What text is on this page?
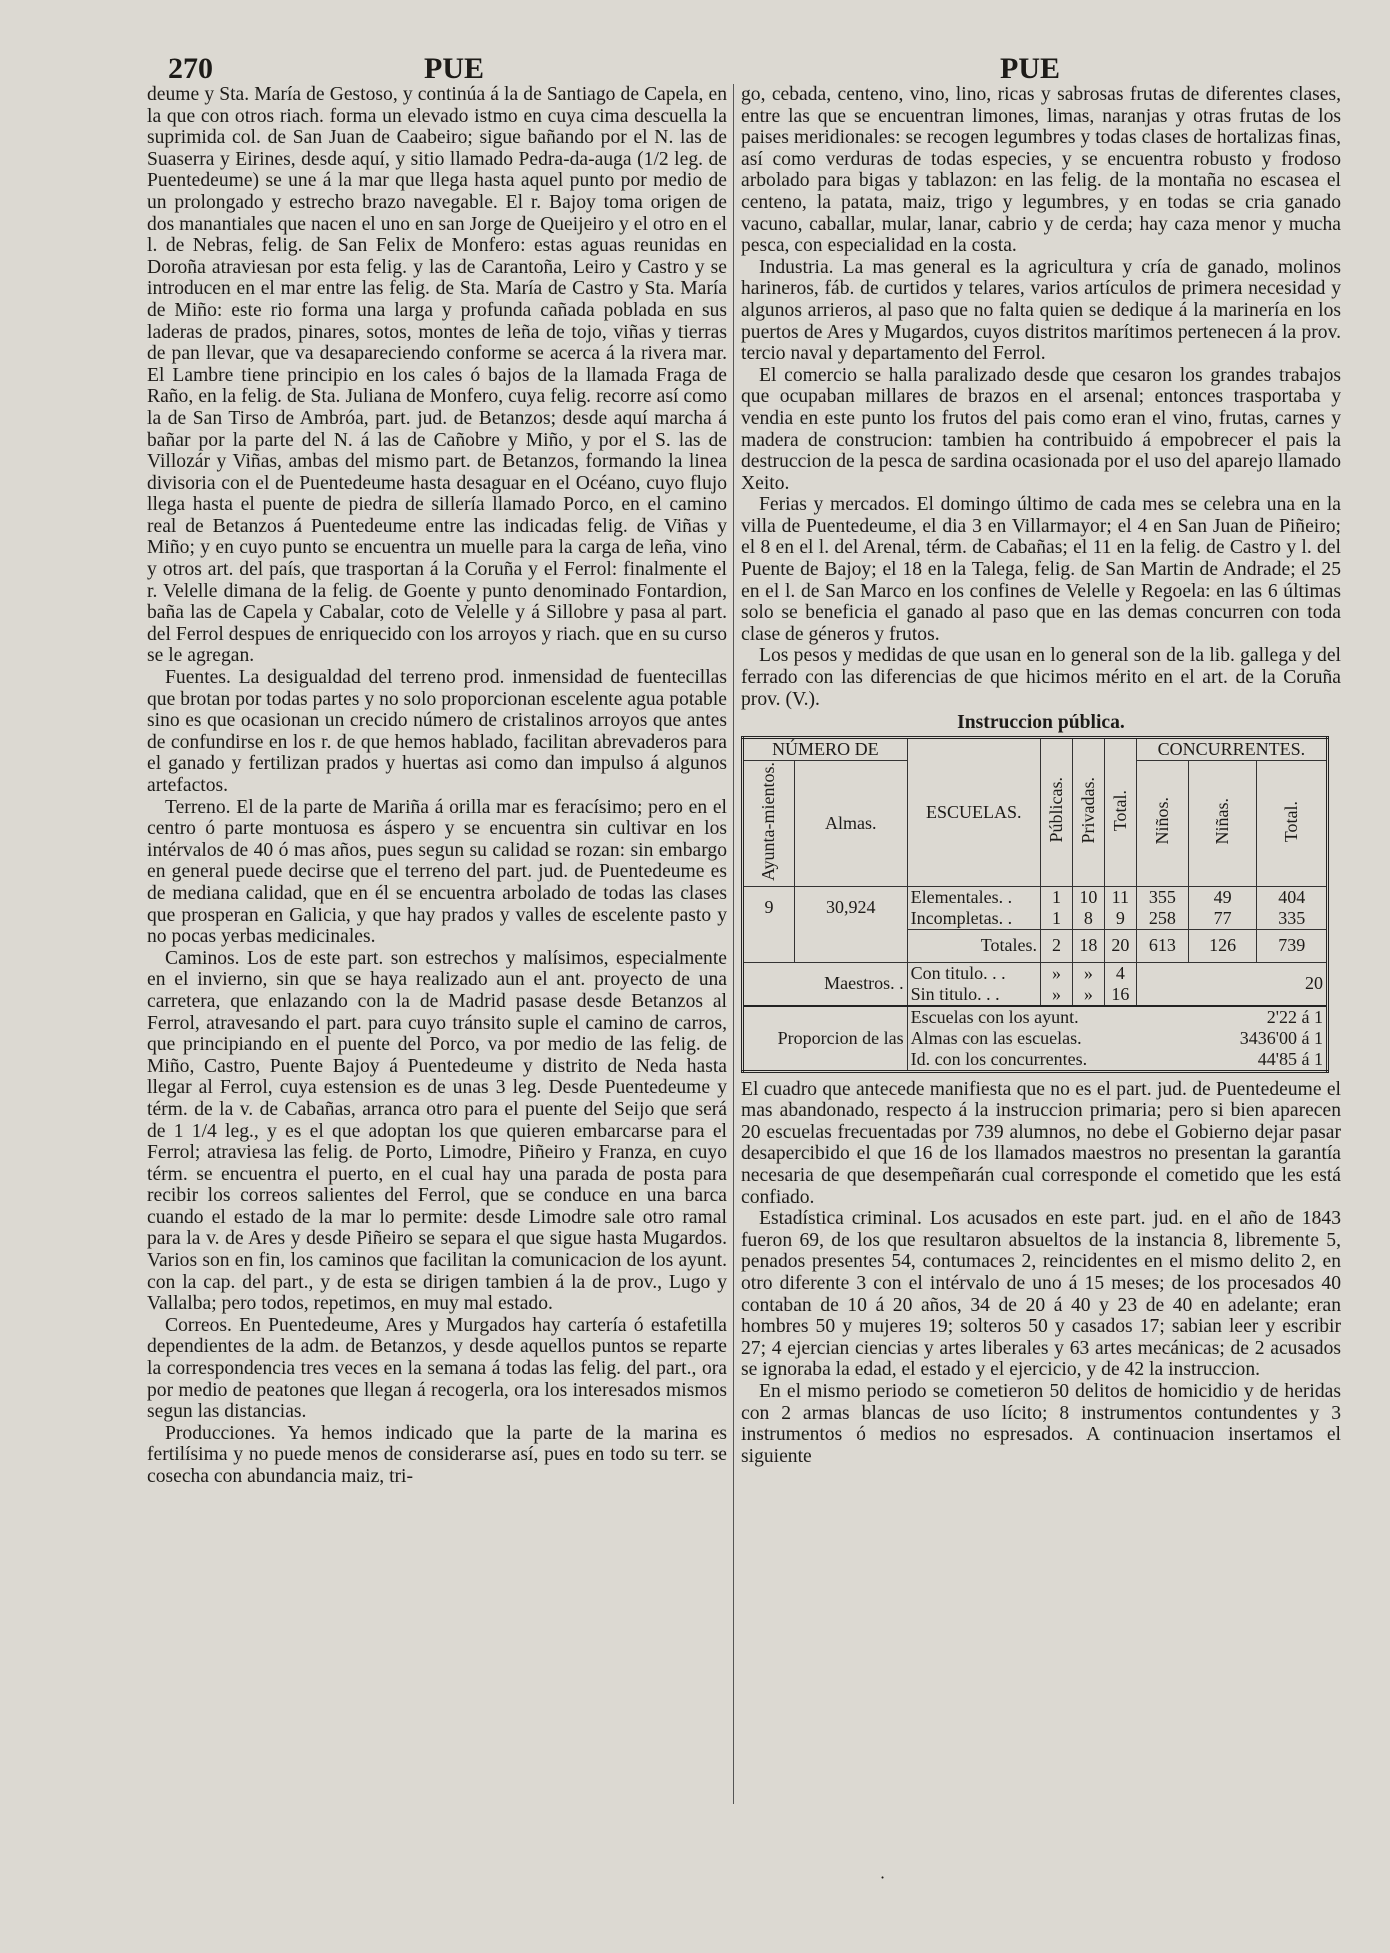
270	PUE	PUE

deume y Sta. María de Gestoso, y continúa á la de Santiago de Capela, en la que con otros riach. forma un elevado istmo en cuya cima descuella la suprimida col. de San Juan de Caabeiro; sigue bañando por el N. las de Suaserra y Eirines, desde aquí, y sitio llamado Pedra-da-auga (1/2 leg. de Puentedeume) se une á la mar que llega hasta aquel punto por medio de un prolongado y estrecho brazo navegable. El r. Bajoy toma origen de dos manantiales que nacen el uno en san Jorge de Queijeiro y el otro en el l. de Nebras, felig. de San Felix de Monfero: estas aguas reunidas en Doroña atraviesan por esta felig. y las de Carantoña, Leiro y Castro y se introducen en el mar entre las felig. de Sta. María de Castro y Sta. María de Miño: este rio forma una larga y profunda cañada poblada en sus laderas de prados, pinares, sotos, montes de leña de tojo, viñas y tierras de pan llevar, que va desapareciendo conforme se acerca á la rivera mar. El Lambre tiene principio en los cales ó bajos de la llamada Fraga de Raño, en la felig. de Sta. Juliana de Monfero, cuya felig. recorre así como la de San Tirso de Ambróa, part. jud. de Betanzos; desde aquí marcha á bañar por la parte del N. á las de Cañobre y Miño, y por el S. las de Villozár y Viñas, ambas del mismo part. de Betanzos, formando la linea divisoria con el de Puentedeume hasta desaguar en el Océano, cuyo flujo llega hasta el puente de piedra de sillería llamado Porco, en el camino real de Betanzos á Puentedeume entre las indicadas felig. de Viñas y Miño; y en cuyo punto se encuentra un muelle para la carga de leña, vino y otros art. del país, que trasportan á la Coruña y el Ferrol: finalmente el r. Velelle dimana de la felig. de Goente y punto denominado Fontardion, baña las de Capela y Cabalar, coto de Velelle y á Sillobre y pasa al part. del Ferrol despues de enriquecido con los arroyos y riach. que en su curso se le agregan.

Fuentes. La desigualdad del terreno prod. inmensidad de fuentecillas que brotan por todas partes y no solo proporcionan escelente agua potable sino es que ocasionan un crecido número de cristalinos arroyos que antes de confundirse en los r. de que hemos hablado, facilitan abrevaderos para el ganado y fertilizan prados y huertas asi como dan impulso á algunos artefactos.

Terreno. El de la parte de Mariña á orilla mar es feracísimo; pero en el centro ó parte montuosa es áspero y se encuentra sin cultivar en los intérvalos de 40 ó mas años, pues segun su calidad se rozan: sin embargo en general puede decirse que el terreno del part. jud. de Puentedeume es de mediana calidad, que en él se encuentra arbolado de todas las clases que prosperan en Galicia, y que hay prados y valles de escelente pasto y no pocas yerbas medicinales.

Caminos. Los de este part. son estrechos y malísimos, especialmente en el invierno, sin que se haya realizado aun el ant. proyecto de una carretera, que enlazando con la de Madrid pasase desde Betanzos al Ferrol, atravesando el part. para cuyo tránsito suple el camino de carros, que principiando en el puente del Porco, va por medio de las felig. de Miño, Castro, Puente Bajoy á Puentedeume y distrito de Neda hasta llegar al Ferrol, cuya estension es de unas 3 leg. Desde Puentedeume y térm. de la v. de Cabañas, arranca otro para el puente del Seijo que será de 1 1/4 leg., y es el que adoptan los que quieren embarcarse para el Ferrol; atraviesa las felig. de Porto, Limodre, Piñeiro y Franza, en cuyo térm. se encuentra el puerto, en el cual hay una parada de posta para recibir los correos salientes del Ferrol, que se conduce en una barca cuando el estado de la mar lo permite: desde Limodre sale otro ramal para la v. de Ares y desde Piñeiro se separa el que sigue hasta Mugardos. Varios son en fin, los caminos que facilitan la comunicacion de los ayunt. con la cap. del part., y de esta se dirigen tambien á la de prov., Lugo y Vallalba; pero todos, repetimos, en muy mal estado.

Correos. En Puentedeume, Ares y Murgados hay cartería ó estafetilla dependientes de la adm. de Betanzos, y desde aquellos puntos se reparte la correspondencia tres veces en la semana á todas las felig. del part., ora por medio de peatones que llegan á recogerla, ora los interesados mismos segun las distancias.

Producciones. Ya hemos indicado que la parte de la marina es fertilísima y no puede menos de considerarse así, pues en todo su terr. se cosecha con abundancia maiz, tri-

go, cebada, centeno, vino, lino, ricas y sabrosas frutas de diferentes clases, entre las que se encuentran limones, limas, naranjas y otras frutas de los paises meridionales: se recogen legumbres y todas clases de hortalizas finas, así como verduras de todas especies, y se encuentra robusto y frodoso arbolado para bigas y tablazon: en las felig. de la montaña no escasea el centeno, la patata, maiz, trigo y legumbres, y en todas se cria ganado vacuno, caballar, mular, lanar, cabrio y de cerda; hay caza menor y mucha pesca, con especialidad en la costa.

Industria. La mas general es la agricultura y cría de ganado, molinos harineros, fáb. de curtidos y telares, varios artículos de primera necesidad y algunos arrieros, al paso que no falta quien se dedique á la marinería en los puertos de Ares y Mugardos, cuyos distritos marítimos pertenecen á la prov. tercio naval y departamento del Ferrol.

El comercio se halla paralizado desde que cesaron los grandes trabajos que ocupaban millares de brazos en el arsenal; entonces trasportaba y vendia en este punto los frutos del pais como eran el vino, frutas, carnes y madera de construcion: tambien ha contribuido á empobrecer el pais la destruccion de la pesca de sardina ocasionada por el uso del aparejo llamado Xeito.

Ferias y mercados. El domingo último de cada mes se celebra una en la villa de Puentedeume, el dia 3 en Villarmayor; el 4 en San Juan de Piñeiro; el 8 en el l. del Arenal, térm. de Cabañas; el 11 en la felig. de Castro y l. del Puente de Bajoy; el 18 en la Talega, felig. de San Martin de Andrade; el 25 en el l. de San Marco en los confines de Velelle y Regoela: en las 6 últimas solo se beneficia el ganado al paso que en las demas concurren con toda clase de géneros y frutos.

Los pesos y medidas de que usan en lo general son de la lib. gallega y del ferrado con las diferencias de que hicimos mérito en el art. de la Coruña prov. (V.).

Instruccion pública.
NÚMERO DE		ESCUELAS.	Públicas.	Privadas.	Total.	CONCURRENTES.		
Ayunta-mientos.	Almas.					Niños.	Niñas.	Total.
9	30,924	Elementales. .	1	10	11	355	49	404
		Incompletas. .	1	8	9	258	77	335
		Totales.	2	18	20	613	126	739
Maestros. .		Con titulo. . .	»	»	4	20		
		Sin titulo. . .	»	»	16			
Proporcion de las		Escuelas con los ayunt.					2'22 á 1	
		Almas con las escuelas.					3436'00 á 1	
		Id. con los concurrentes.					44'85 á 1	

El cuadro que antecede manifiesta que no es el part. jud. de Puentedeume el mas abandonado, respecto á la instruccion primaria; pero si bien aparecen 20 escuelas frecuentadas por 739 alumnos, no debe el Gobierno dejar pasar desapercibido el que 16 de los llamados maestros no presentan la garantía necesaria de que desempeñarán cual corresponde el cometido que les está confiado.

Estadística criminal. Los acusados en este part. jud. en el año de 1843 fueron 69, de los que resultaron absueltos de la instancia 8, libremente 5, penados presentes 54, contumaces 2, reincidentes en el mismo delito 2, en otro diferente 3 con el intérvalo de uno á 15 meses; de los procesados 40 contaban de 10 á 20 años, 34 de 20 á 40 y 23 de 40 en adelante; eran hombres 50 y mujeres 19; solteros 50 y casados 17; sabian leer y escribir 27; 4 ejercian ciencias y artes liberales y 63 artes mecánicas; de 2 acusados se ignoraba la edad, el estado y el ejercicio, y de 42 la instruccion.

En el mismo periodo se cometieron 50 delitos de homicidio y de heridas con 2 armas blancas de uso lícito; 8 instrumentos contundentes y 3 instrumentos ó medios no espresados. A continuacion insertamos el siguiente

·
